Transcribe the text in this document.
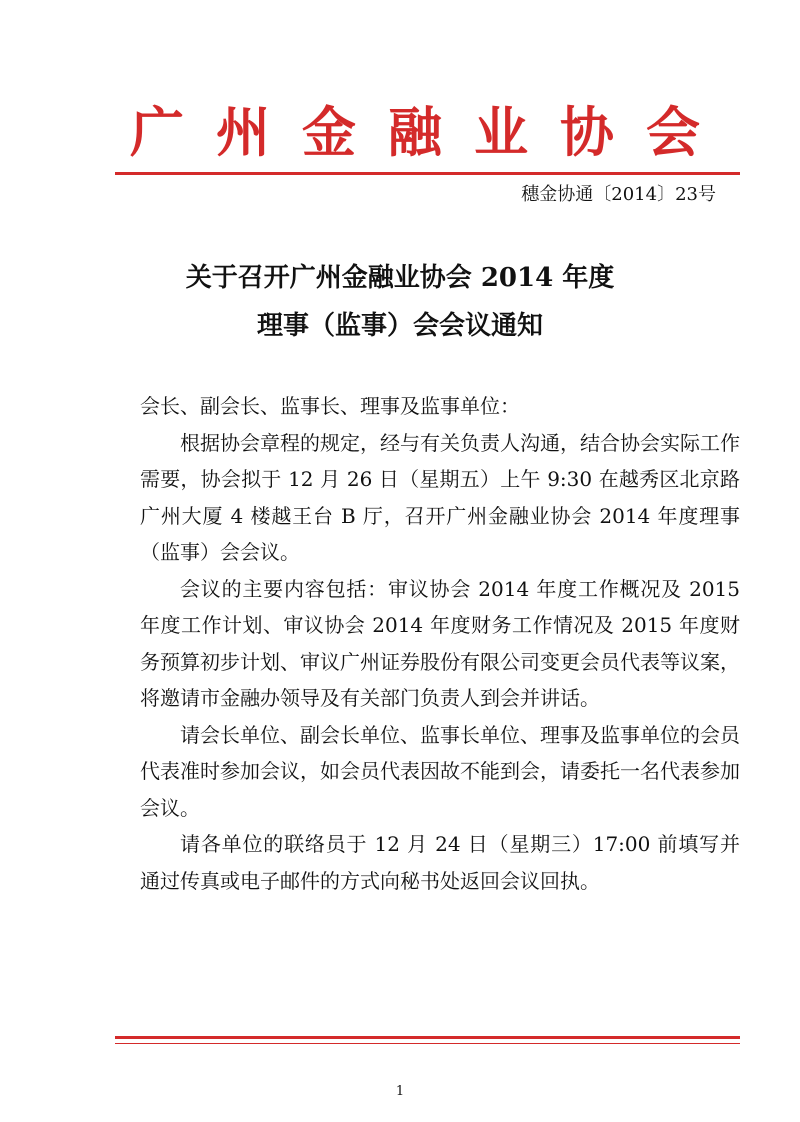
广州金融业协会
穗金协通〔2014〕23号
关于召开广州金融业协会 2014 年度
理事（监事）会会议通知

会长、副会长、监事长、理事及监事单位：

根据协会章程的规定，经与有关负责人沟通，结合协会实际工作需要，协会拟于 12 月 26 日（星期五）上午 9:30 在越秀区北京路广州大厦 4 楼越王台 B 厅，召开广州金融业协会 2014 年度理事（监事）会会议。

会议的主要内容包括：审议协会 2014 年度工作概况及 2015 年度工作计划、审议协会 2014 年度财务工作情况及 2015 年度财务预算初步计划、审议广州证券股份有限公司变更会员代表等议案，将邀请市金融办领导及有关部门负责人到会并讲话。

请会长单位、副会长单位、监事长单位、理事及监事单位的会员代表准时参加会议，如会员代表因故不能到会，请委托一名代表参加会议。

请各单位的联络员于 12 月 24 日（星期三）17:00 前填写并通过传真或电子邮件的方式向秘书处返回会议回执。

1
